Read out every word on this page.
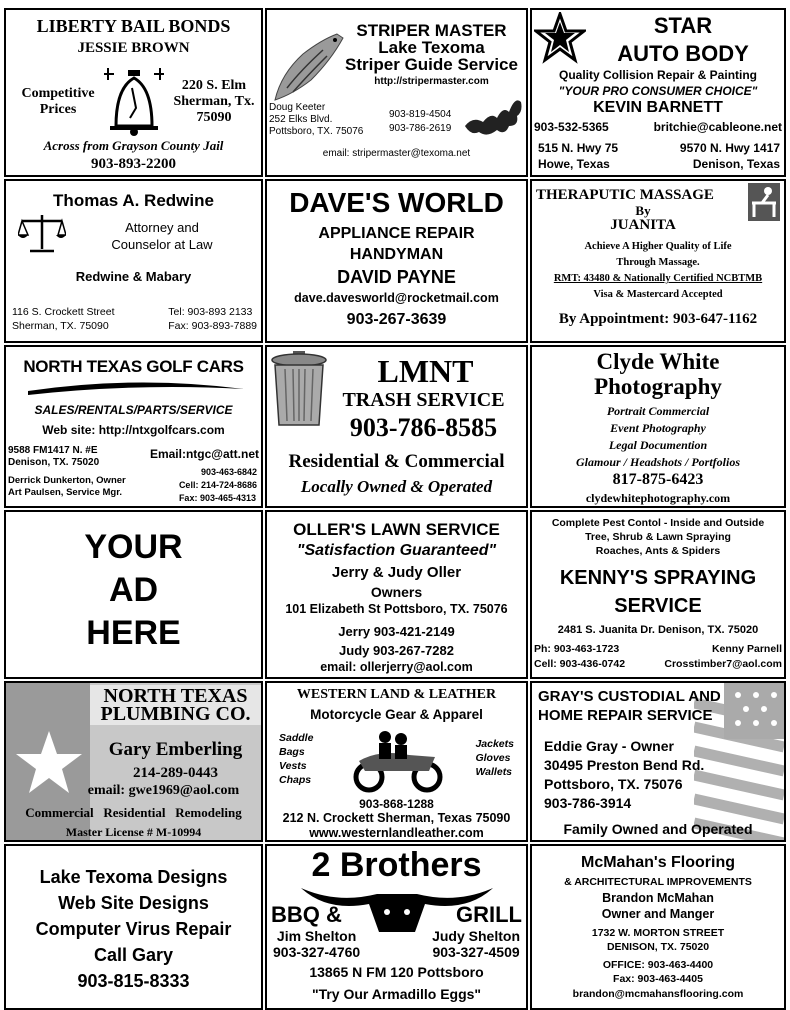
LIBERTY BAIL BONDS
JESSIE BROWN
Competitive
Prices
220 S. Elm
Sherman, Tx.
75090
Across from Grayson County Jail
903-893-2200
STRIPER MASTER
Lake Texoma
Striper Guide Service
http://stripermaster.com
Doug Keeter
252 Elks Blvd.
Pottsboro, TX. 75076
903-819-4504
903-786-2619
email: stripermaster@texoma.net
STAR
AUTO BODY
Quality Collision Repair & Painting
"YOUR PRO CONSUMER CHOICE"
KEVIN BARNETT
903-532-5365	britchie@cableone.net
515 N. Hwy 75
Howe, Texas
9570 N. Hwy 1417
Denison, Texas
Thomas A. Redwine
Attorney and
Counselor at Law
Redwine & Mabary
116 S. Crockett Street
Sherman, TX. 75090
Tel: 903-893 2133
Fax: 903-893-7889
DAVE'S WORLD
APPLIANCE REPAIR
HANDYMAN
DAVID PAYNE
dave.davesworld@rocketmail.com
903-267-3639
THERAPUTIC MASSAGE
By
JUANITA
Achieve A Higher Quality of Life
Through Massage.
RMT: 43480 & Nationally Certified NCBTMB
Visa & Mastercard Accepted
By Appointment: 903-647-1162
NORTH TEXAS GOLF CARS
SALES/RENTALS/PARTS/SERVICE
Web site: http://ntxgolfcars.com
9588 FM1417 N. #E
Denison, TX. 75020
Email:ntgc@att.net
903-463-6842
Derrick Dunkerton, Owner
Art Paulsen, Service Mgr.
Cell: 214-724-8686
Fax: 903-465-4313
LMNT
TRASH SERVICE
903-786-8585
Residential & Commercial
Locally Owned & Operated
Clyde White
Photography
Portrait Commercial
Event Photography
Legal Documention
Glamour / Headshots / Portfolios
817-875-6423
clydewhitephotography.com
YOUR
AD
HERE
OLLER'S LAWN SERVICE
"Satisfaction Guaranteed"
Jerry & Judy Oller
Owners
101 Elizabeth St Pottsboro, TX. 75076
Jerry 903-421-2149
Judy 903-267-7282
email: ollerjerry@aol.com
Complete Pest Contol - Inside and Outside
Tree, Shrub & Lawn Spraying
Roaches, Ants & Spiders
KENNY'S SPRAYING
SERVICE
2481 S. Juanita Dr. Denison, TX. 75020
Ph: 903-463-1723
Cell: 903-436-0742
Kenny Parnell
Crosstimber7@aol.com
NORTH TEXAS
PLUMBING CO.
Gary Emberling
214-289-0443
email: gwe1969@aol.com
Commercial   Residential   Remodeling
Master License # M-10994
WESTERN LAND & LEATHER
Motorcycle Gear & Apparel
Saddle
Bags
Vests
Chaps
Jackets
Gloves
Wallets
903-868-1288
212 N. Crockett Sherman, Texas 75090
www.westernlandleather.com
GRAY'S CUSTODIAL AND
HOME REPAIR SERVICE
Eddie Gray - Owner
30495 Preston Bend Rd.
Pottsboro, TX. 75076
903-786-3914
Family Owned and Operated
Lake Texoma Designs
Web Site Designs
Computer Virus Repair
Call Gary
903-815-8333
2 Brothers
BBQ &	GRILL
Jim Shelton
903-327-4760
Judy Shelton
903-327-4509
13865 N FM 120 Pottsboro
"Try Our Armadillo Eggs"
McMahan's Flooring
& ARCHITECTURAL IMPROVEMENTS
Brandon McMahan
Owner and Manger
1732 W. MORTON STREET
DENISON, TX. 75020
OFFICE: 903-463-4400
Fax: 903-463-4405
brandon@mcmahansflooring.com
